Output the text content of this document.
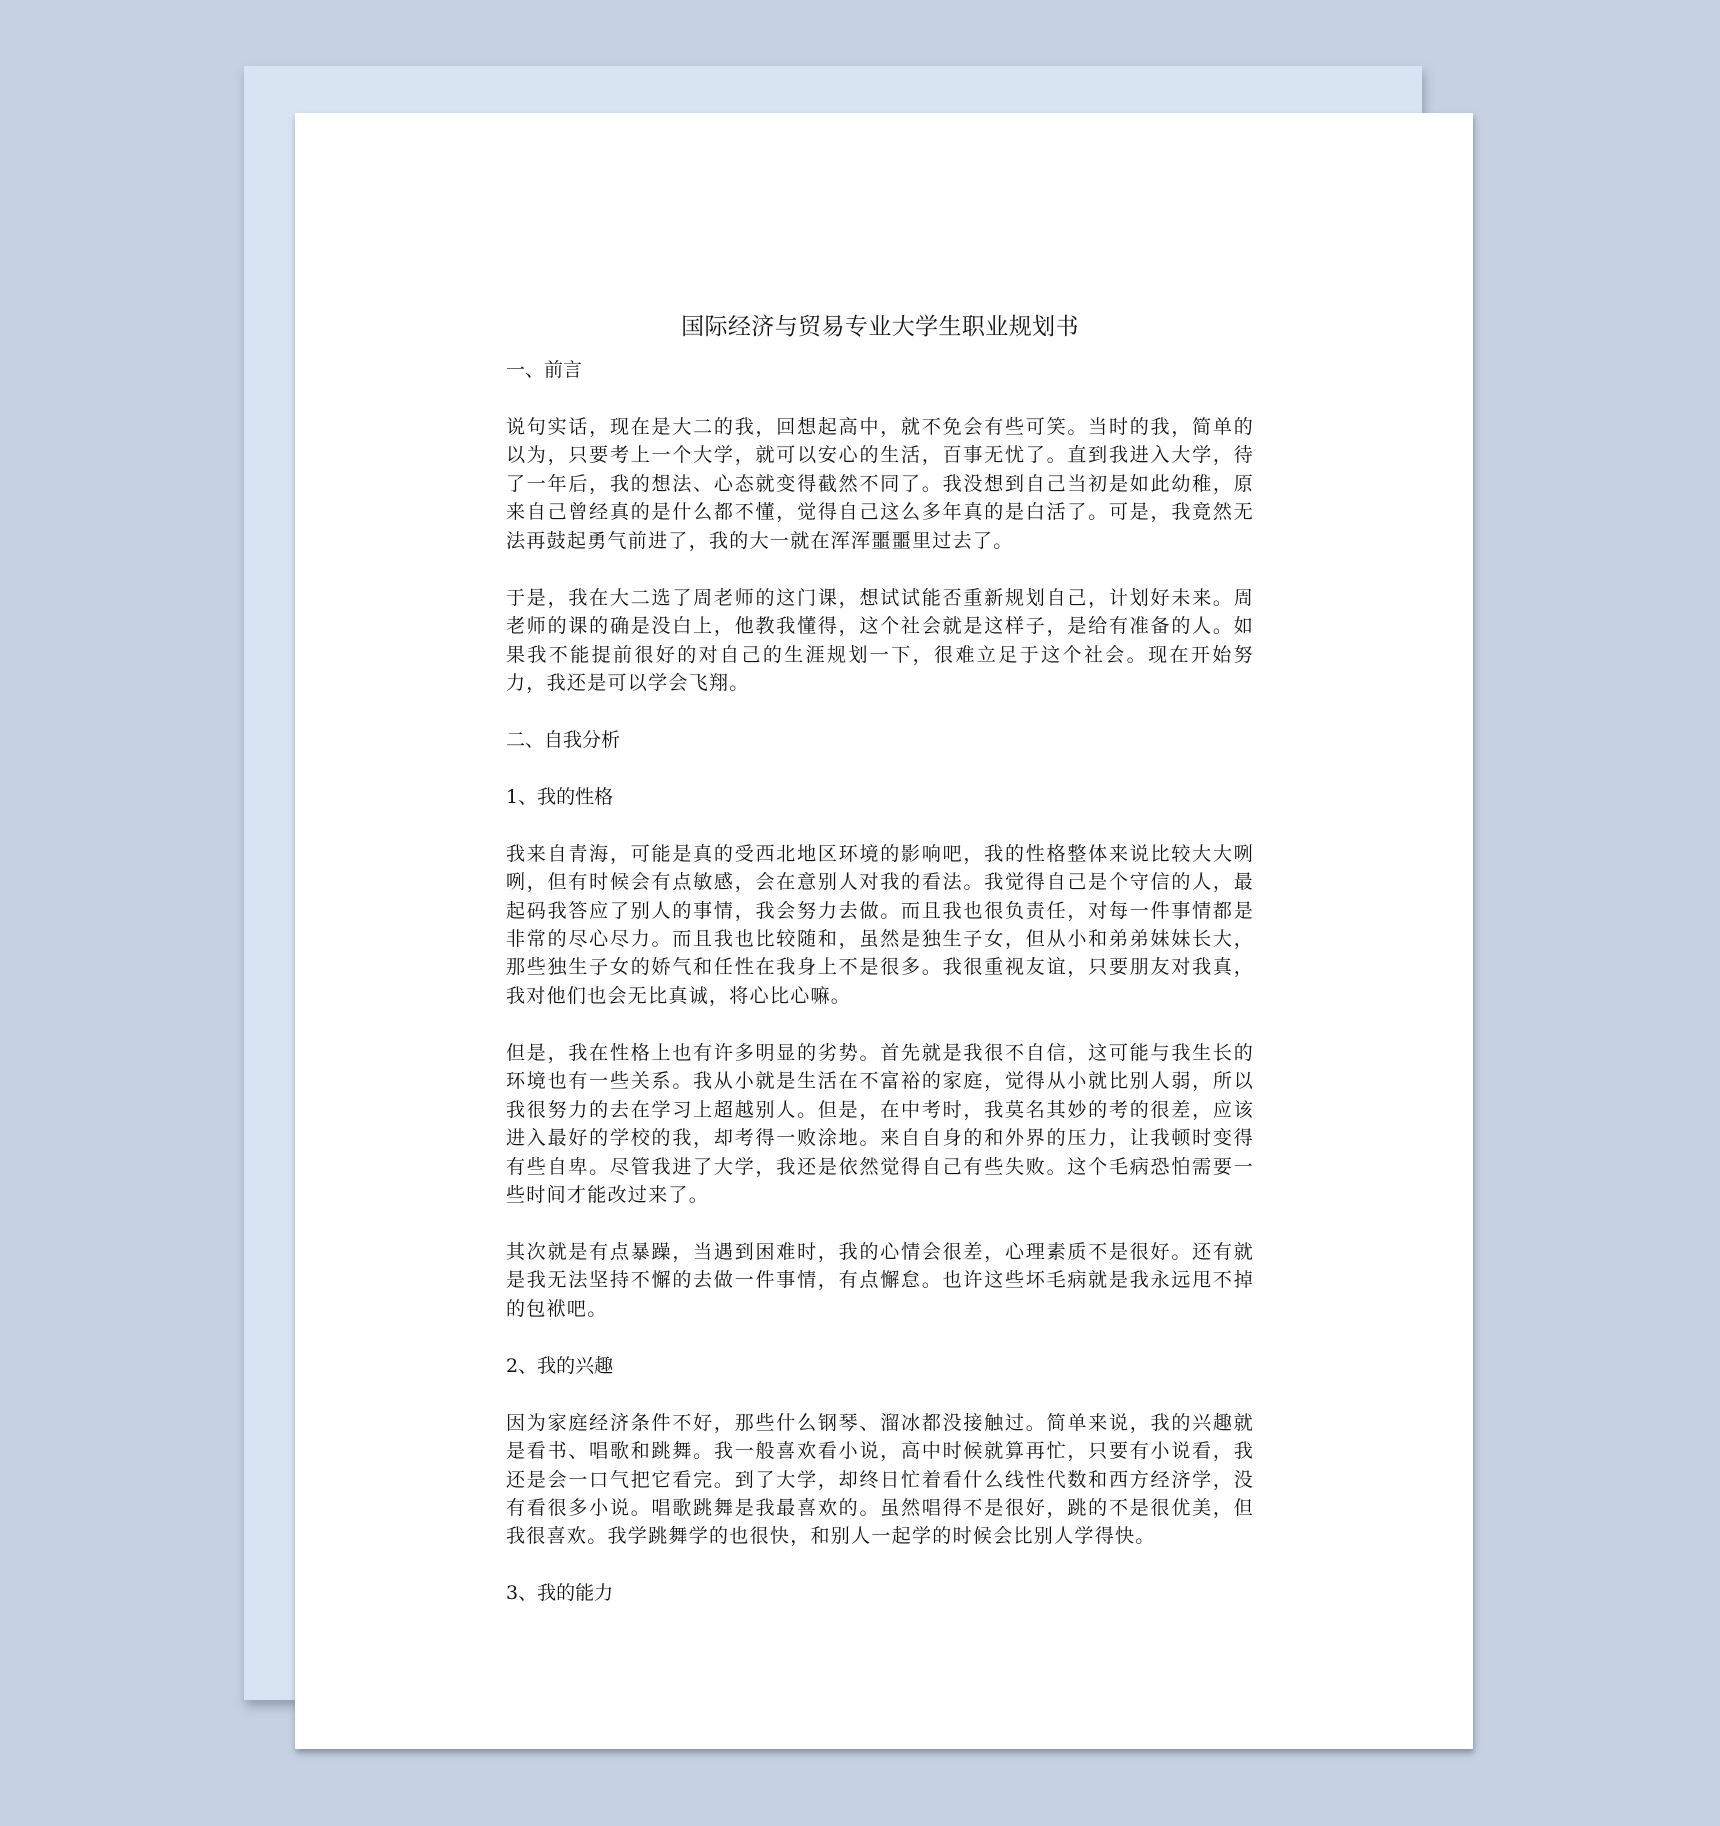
国际经济与贸易专业大学生职业规划书
一、前言

说句实话，现在是大二的我，回想起高中，就不免会有些可笑。当时的我，简单的以为，只要考上一个大学，就可以安心的生活，百事无忧了。直到我进入大学，待了一年后，我的想法、心态就变得截然不同了。我没想到自己当初是如此幼稚，原来自己曾经真的是什么都不懂，觉得自己这么多年真的是白活了。可是，我竟然无法再鼓起勇气前进了，我的大一就在浑浑噩噩里过去了。

于是，我在大二选了周老师的这门课，想试试能否重新规划自己，计划好未来。周老师的课的确是没白上，他教我懂得，这个社会就是这样子，是给有准备的人。如果我不能提前很好的对自己的生涯规划一下，很难立足于这个社会。现在开始努力，我还是可以学会飞翔。

二、自我分析
1、我的性格

我来自青海，可能是真的受西北地区环境的影响吧，我的性格整体来说比较大大咧咧，但有时候会有点敏感，会在意别人对我的看法。我觉得自己是个守信的人，最起码我答应了别人的事情，我会努力去做。而且我也很负责任，对每一件事情都是非常的尽心尽力。而且我也比较随和，虽然是独生子女，但从小和弟弟妹妹长大，那些独生子女的娇气和任性在我身上不是很多。我很重视友谊，只要朋友对我真，我对他们也会无比真诚，将心比心嘛。

但是，我在性格上也有许多明显的劣势。首先就是我很不自信，这可能与我生长的环境也有一些关系。我从小就是生活在不富裕的家庭，觉得从小就比别人弱，所以我很努力的去在学习上超越别人。但是，在中考时，我莫名其妙的考的很差，应该进入最好的学校的我，却考得一败涂地。来自自身的和外界的压力，让我顿时变得有些自卑。尽管我进了大学，我还是依然觉得自己有些失败。这个毛病恐怕需要一些时间才能改过来了。

其次就是有点暴躁，当遇到困难时，我的心情会很差，心理素质不是很好。还有就是我无法坚持不懈的去做一件事情，有点懈怠。也许这些坏毛病就是我永远甩不掉的包袱吧。

2、我的兴趣

因为家庭经济条件不好，那些什么钢琴、溜冰都没接触过。简单来说，我的兴趣就是看书、唱歌和跳舞。我一般喜欢看小说，高中时候就算再忙，只要有小说看，我还是会一口气把它看完。到了大学，却终日忙着看什么线性代数和西方经济学，没有看很多小说。唱歌跳舞是我最喜欢的。虽然唱得不是很好，跳的不是很优美，但我很喜欢。我学跳舞学的也很快，和别人一起学的时候会比别人学得快。

3、我的能力
